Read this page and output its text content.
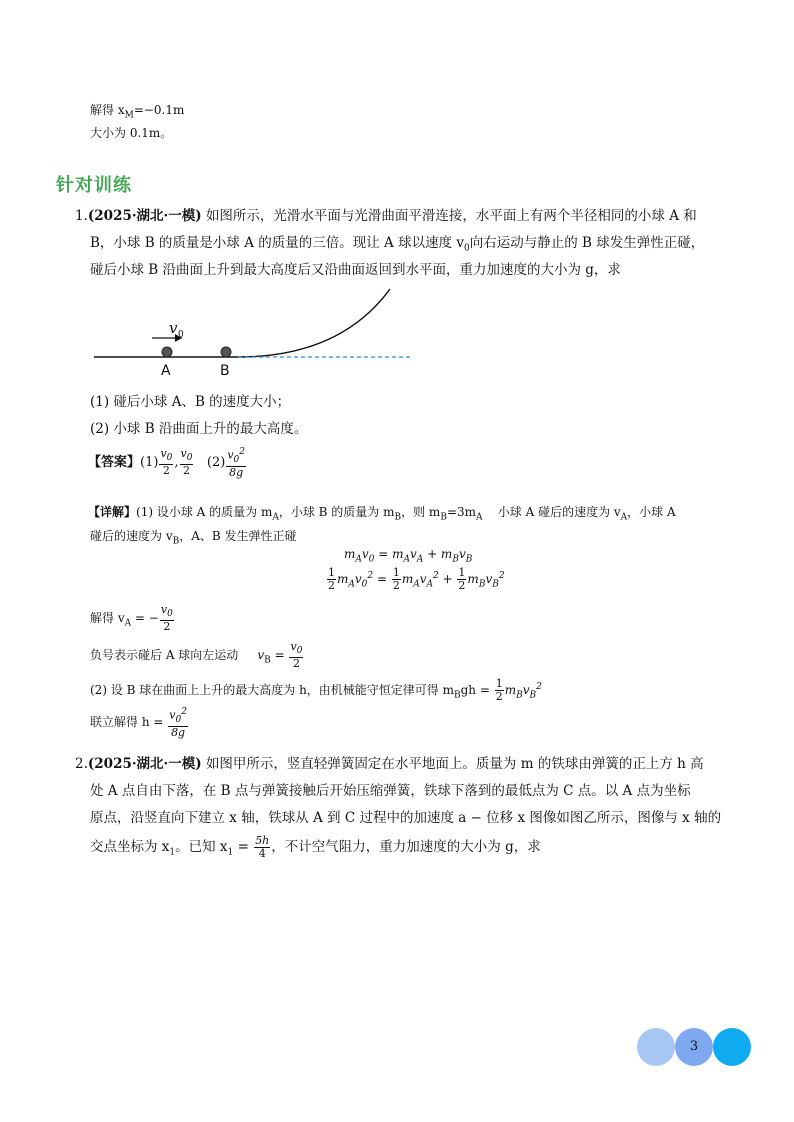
解得 $x_M=-0.1m$
大小为 0.1m。
针对训练
1.(2025·湖北·一模) 如图所示，光滑水平面与光滑曲面平滑连接，水平面上有两个半径相同的小球 A 和
B，小球 B 的质量是小球 A 的质量的三倍。现让 A 球以速度 $v_0$向右运动与静止的 B 球发生弹性正碰，
碰后小球 B 沿曲面上升到最大高度后又沿曲面返回到水平面，重力加速度的大小为 g，求
v 0
A	B
(1) 碰后小球 A、B 的速度大小；
(2) 小球 B 沿曲面上升的最大高度。
【答案】$(1) \frac{v_0}{2}$ , $\frac{v_0}{2} (2) \frac{v_0^2}{8g}$
【详解】(1) 设小球 A 的质量为 $m_A$，小球 B 的质量为 $m_B$，则 $m_B=3m_A$ 小球 A 碰后的速度为 $v_A$，小球 A
碰后的速度为 $v_B$，A、B 发生弹性正碰
$m_Av_0 = m_Av_A + m_Bv_B$
$\frac{1}{2} m_Av_0^2 = \frac{1}{2} m_Av_A^2 + \frac{1}{2} m_Bv_B^2$
解得 $v_A$ = − $\frac{v_0}{2}$
负号表示碰后 A 球向左运动 $v_B = \frac{v_0}{2}$
(2) 设 B 球在曲面上上升的最大高度为 h，由机械能守恒定律可得 $m_Bgh = \frac{1}{2} m_Bv_B^2$
联立解得 $h = \frac{v_0^2}{8g}$
2.(2025·湖北·一模) 如图甲所示，竖直轻弹簧固定在水平地面上。质量为 m 的铁球由弹簧的正上方 h 高
处 A 点自由下落，在 B 点与弹簧接触后开始压缩弹簧，铁球下落到的最低点为 C 点。以 A 点为坐标
原点，沿竖直向下建立 x 轴，铁球从 A 到 C 过程中的加速度 a − 位移 x 图像如图乙所示，图像与 x 轴的
交点坐标为 $x_1$。已知 $x_1 = \frac{5h}{4}$ ，不计空气阻力，重力加速度的大小为 g，求
3
